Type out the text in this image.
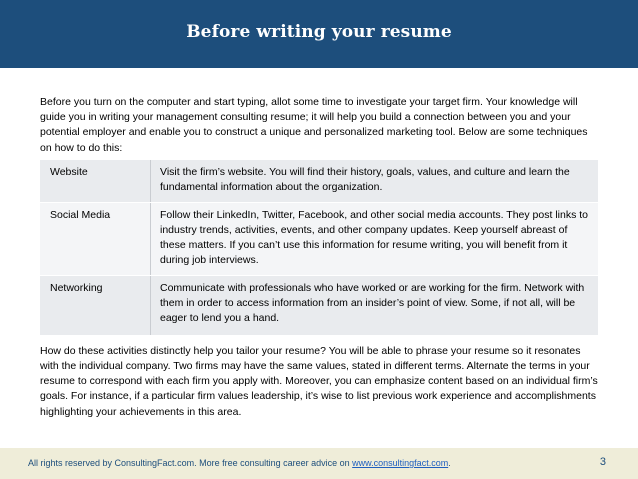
Before writing your resume

Before you turn on the computer and start typing, allot some time to investigate your target firm. Your knowledge will guide you in writing your management consulting resume; it will help you build a connection between you and your potential employer and enable you to construct a unique and personalized marketing tool. Below are some techniques on how to do this:

Website	Visit the firm’s website. You will find their history, goals, values, and culture and learn the fundamental information about the organization.
Social Media	Follow their LinkedIn, Twitter, Facebook, and other social media accounts. They post links to industry trends, activities, events, and other company updates. Keep yourself abreast of these matters. If you can’t use this information for resume writing, you will benefit from it during job interviews.
Networking	Communicate with professionals who have worked or are working for the firm. Network with them in order to access information from an insider’s point of view. Some, if not all, will be eager to lend you a hand.

How do these activities distinctly help you tailor your resume? You will be able to phrase your resume so it resonates with the individual company. Two firms may have the same values, stated in different terms. Alternate the terms in your resume to correspond with each firm you apply with. Moreover, you can emphasize content based on an individual firm’s goals. For instance, if a particular firm values leadership, it’s wise to list previous work experience and accomplishments highlighting your achievements in this area.

All rights reserved by ConsultingFact.com. More free consulting career advice on www.consultingfact.com.	3
